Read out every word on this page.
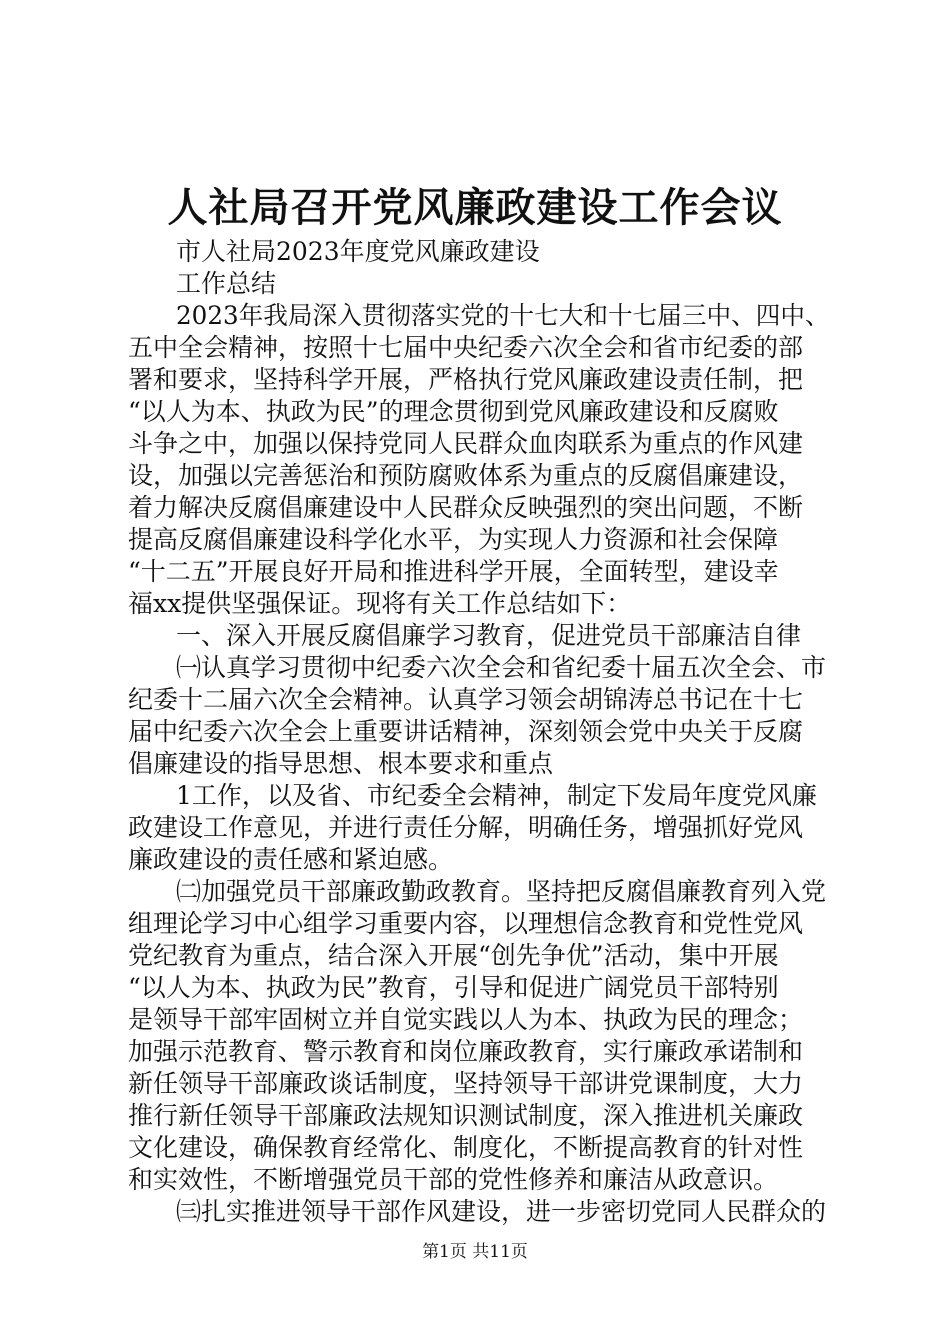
人社局召开党风廉政建设工作会议
市人社局2023年度党风廉政建设
工作总结
2023年我局深入贯彻落实党的十七大和十七届三中、四中、
五中全会精神，按照十七届中央纪委六次全会和省市纪委的部
署和要求，坚持科学开展，严格执行党风廉政建设责任制，把
“以人为本、执政为民”的理念贯彻到党风廉政建设和反腐败
斗争之中，加强以保持党同人民群众血肉联系为重点的作风建
设，加强以完善惩治和预防腐败体系为重点的反腐倡廉建设，
着力解决反腐倡廉建设中人民群众反映强烈的突出问题，不断
提高反腐倡廉建设科学化水平，为实现人力资源和社会保障
“十二五”开展良好开局和推进科学开展，全面转型，建设幸
福xx提供坚强保证。现将有关工作总结如下：
一、深入开展反腐倡廉学习教育，促进党员干部廉洁自律
㈠认真学习贯彻中纪委六次全会和省纪委十届五次全会、市
纪委十二届六次全会精神。认真学习领会胡锦涛总书记在十七
届中纪委六次全会上重要讲话精神，深刻领会党中央关于反腐
倡廉建设的指导思想、根本要求和重点
1工作，以及省、市纪委全会精神，制定下发局年度党风廉
政建设工作意见，并进行责任分解，明确任务，增强抓好党风
廉政建设的责任感和紧迫感。
㈡加强党员干部廉政勤政教育。坚持把反腐倡廉教育列入党
组理论学习中心组学习重要内容，以理想信念教育和党性党风
党纪教育为重点，结合深入开展“创先争优”活动，集中开展
“以人为本、执政为民”教育，引导和促进广阔党员干部特别
是领导干部牢固树立并自觉实践以人为本、执政为民的理念；
加强示范教育、警示教育和岗位廉政教育，实行廉政承诺制和
新任领导干部廉政谈话制度，坚持领导干部讲党课制度，大力
推行新任领导干部廉政法规知识测试制度，深入推进机关廉政
文化建设，确保教育经常化、制度化，不断提高教育的针对性
和实效性，不断增强党员干部的党性修养和廉洁从政意识。
㈢扎实推进领导干部作风建设，进一步密切党同人民群众的
第1页 共11页
